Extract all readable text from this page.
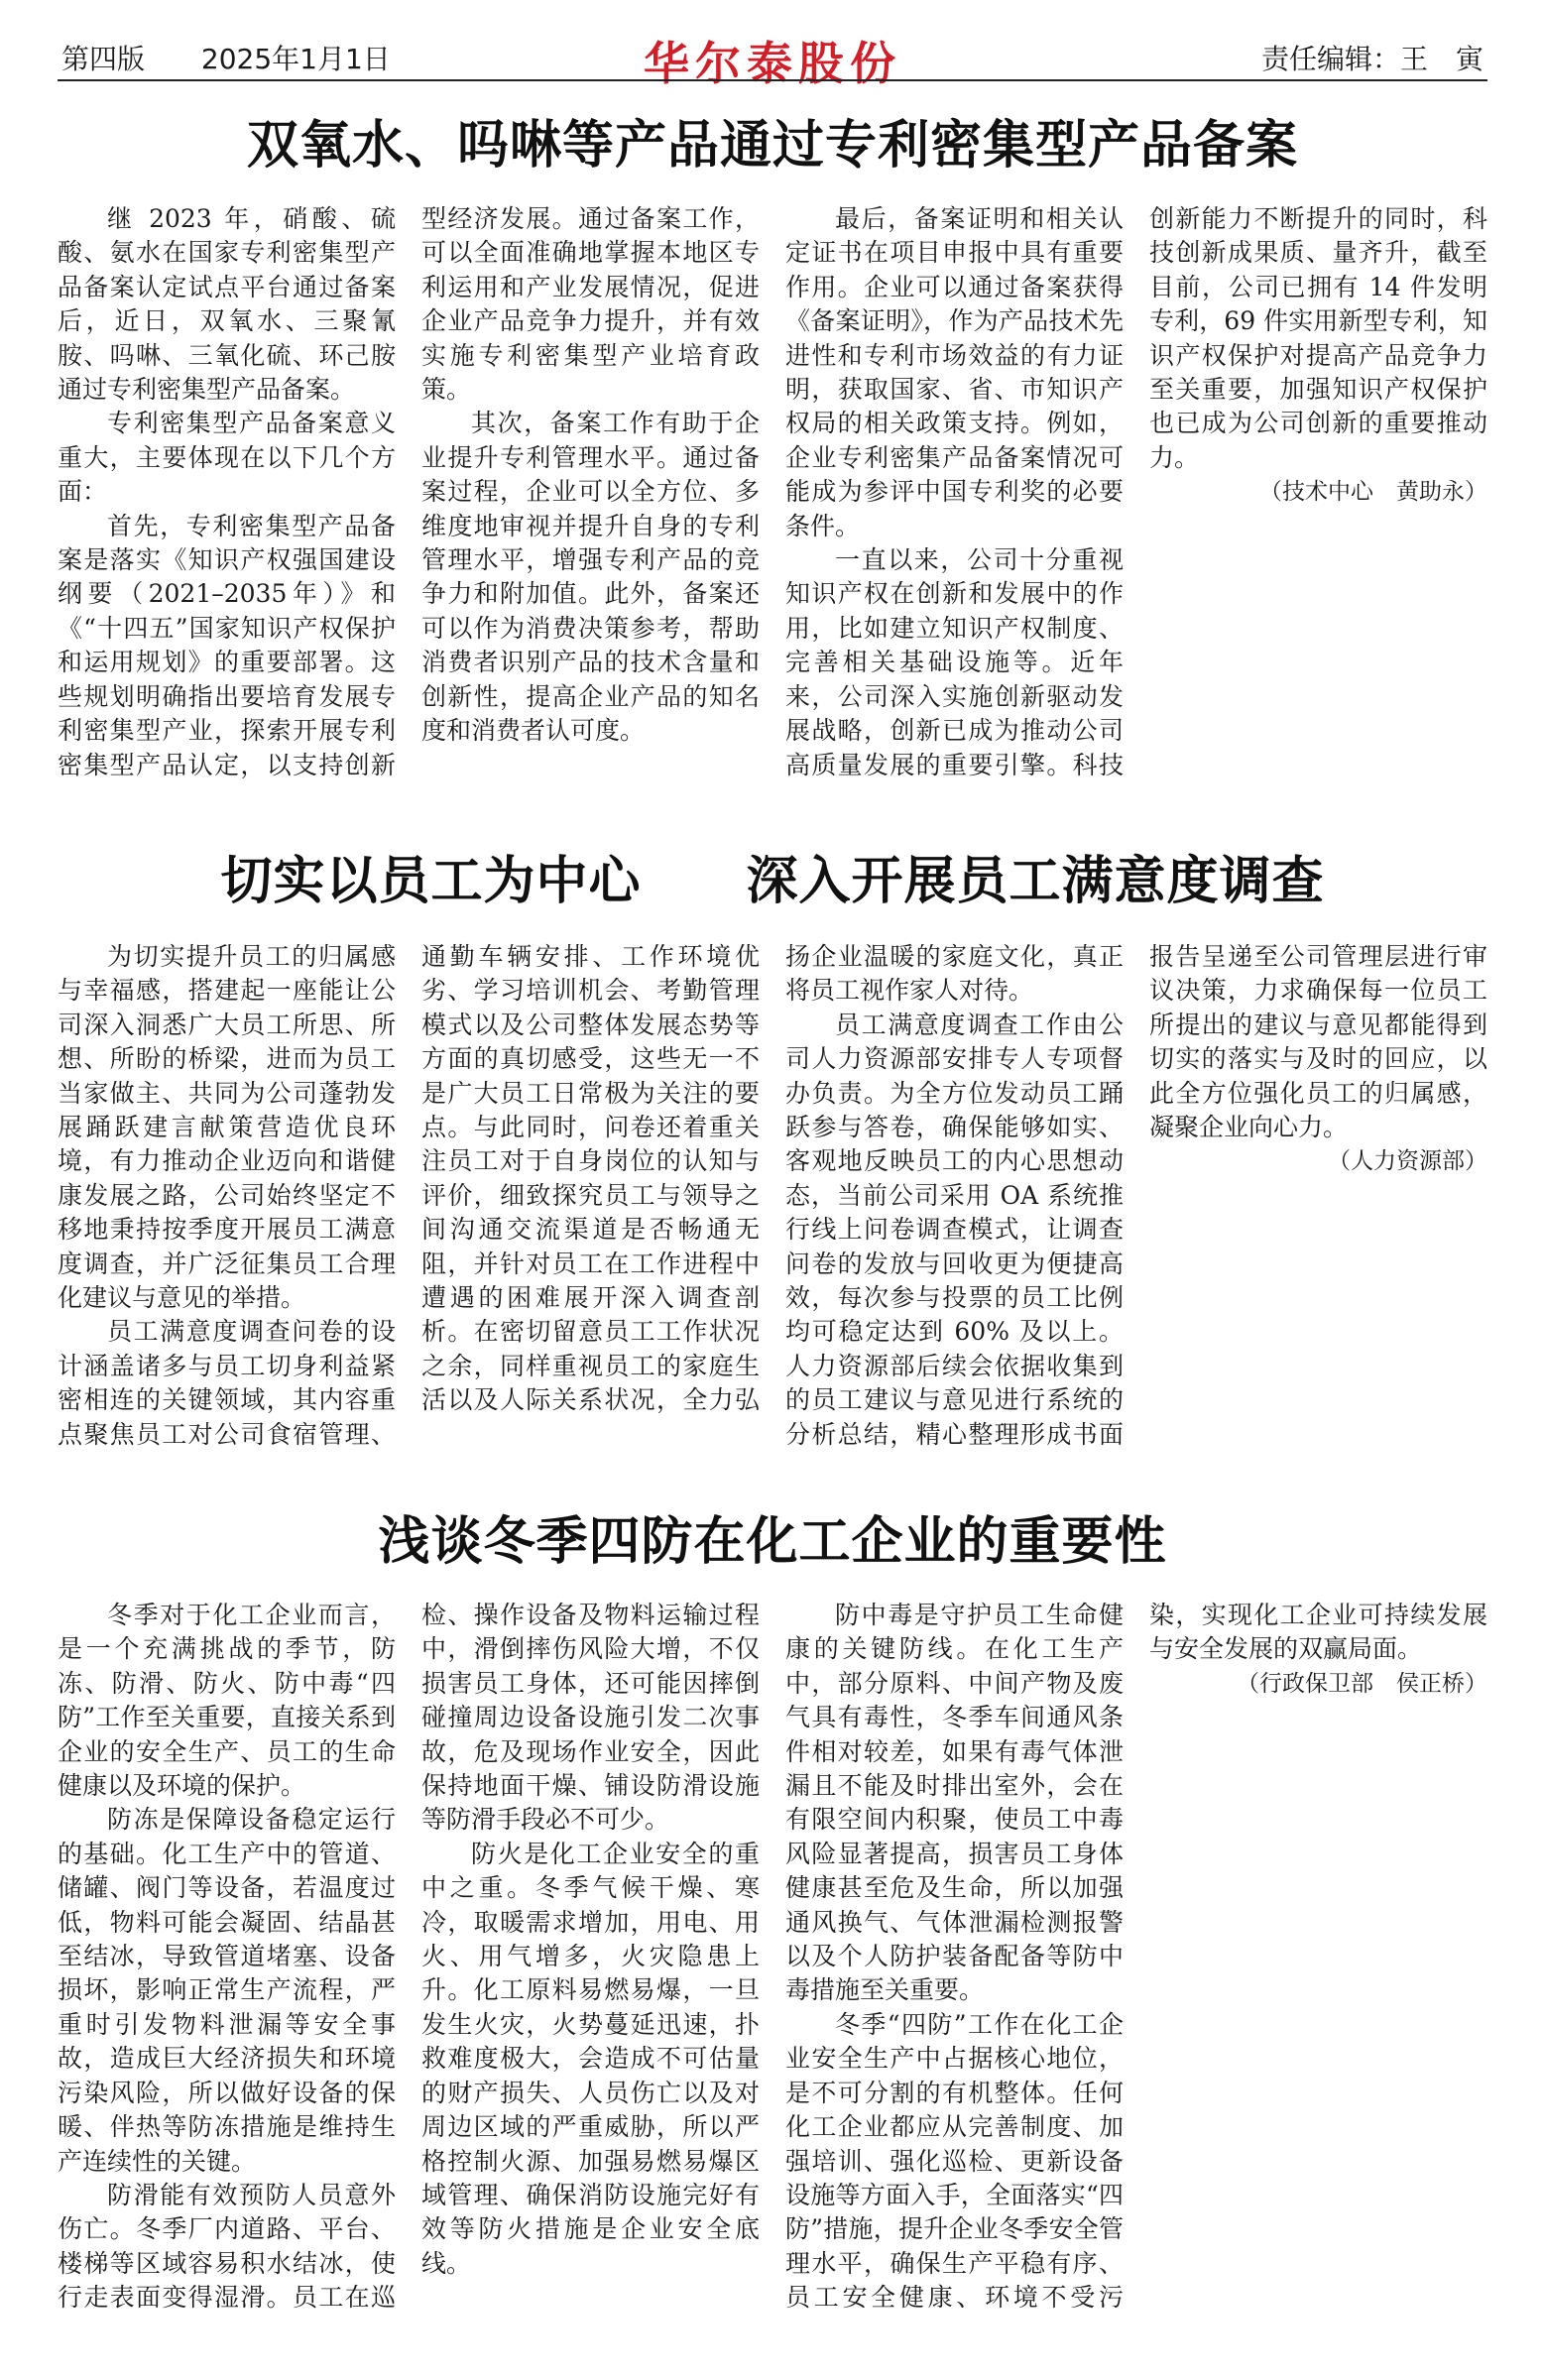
第四版 2025年1月1日	华尔泰股份	责任编辑：王　寅
双氧水、吗啉等产品通过专利密集型产品备案

继 2023 年，硝酸、硫酸、氨水在国家专利密集型产品备案认定试点平台通过备案后，近日，双氧水、三聚氰胺、吗啉、三氧化硫、环己胺通过专利密集型产品备案。

专利密集型产品备案意义重大，主要体现在以下几个方面：

首先，专利密集型产品备案是落实《知识产权强国建设纲要（2021–2035年）》和《“十四五”国家知识产权保护和运用规划》的重要部署。这些规划明确指出要培育发展专利密集型产业，探索开展专利密集型产品认定，以支持创新型经济发展。通过备案工作，可以全面准确地掌握本地区专利运用和产业发展情况，促进企业产品竞争力提升，并有效实施专利密集型产业培育政策。

其次，备案工作有助于企业提升专利管理水平。通过备案过程，企业可以全方位、多维度地审视并提升自身的专利管理水平，增强专利产品的竞争力和附加值。此外，备案还可以作为消费决策参考，帮助消费者识别产品的技术含量和创新性，提高企业产品的知名度和消费者认可度。

最后，备案证明和相关认定证书在项目申报中具有重要作用。企业可以通过备案获得《备案证明》，作为产品技术先进性和专利市场效益的有力证明，获取国家、省、市知识产权局的相关政策支持。例如，企业专利密集产品备案情况可能成为参评中国专利奖的必要条件。

一直以来，公司十分重视知识产权在创新和发展中的作用，比如建立知识产权制度、完善相关基础设施等。近年来，公司深入实施创新驱动发展战略，创新已成为推动公司高质量发展的重要引擎。科技创新能力不断提升的同时，科技创新成果质、量齐升，截至目前，公司已拥有 14 件发明专利，69 件实用新型专利，知识产权保护对提高产品竞争力至关重要，加强知识产权保护也已成为公司创新的重要推动力。

（技术中心　黄助永）

切实以员工为中心　　深入开展员工满意度调查

为切实提升员工的归属感与幸福感，搭建起一座能让公司深入洞悉广大员工所思、所想、所盼的桥梁，进而为员工当家做主、共同为公司蓬勃发展踊跃建言献策营造优良环境，有力推动企业迈向和谐健康发展之路，公司始终坚定不移地秉持按季度开展员工满意度调查，并广泛征集员工合理化建议与意见的举措。

员工满意度调查问卷的设计涵盖诸多与员工切身利益紧密相连的关键领域，其内容重点聚焦员工对公司食宿管理、通勤车辆安排、工作环境优劣、学习培训机会、考勤管理模式以及公司整体发展态势等方面的真切感受，这些无一不是广大员工日常极为关注的要点。与此同时，问卷还着重关注员工对于自身岗位的认知与评价，细致探究员工与领导之间沟通交流渠道是否畅通无阻，并针对员工在工作进程中遭遇的困难展开深入调查剖析。在密切留意员工工作状况之余，同样重视员工的家庭生活以及人际关系状况，全力弘扬企业温暖的家庭文化，真正将员工视作家人对待。

员工满意度调查工作由公司人力资源部安排专人专项督办负责。为全方位发动员工踊跃参与答卷，确保能够如实、客观地反映员工的内心思想动态，当前公司采用 OA 系统推行线上问卷调查模式，让调查问卷的发放与回收更为便捷高效，每次参与投票的员工比例均可稳定达到 60% 及以上。人力资源部后续会依据收集到的员工建议与意见进行系统的分析总结，精心整理形成书面报告呈递至公司管理层进行审议决策，力求确保每一位员工所提出的建议与意见都能得到切实的落实与及时的回应，以此全方位强化员工的归属感，凝聚企业向心力。

（人力资源部）

浅谈冬季四防在化工企业的重要性

冬季对于化工企业而言，是一个充满挑战的季节，防冻、防滑、防火、防中毒“四防”工作至关重要，直接关系到企业的安全生产、员工的生命健康以及环境的保护。

防冻是保障设备稳定运行的基础。化工生产中的管道、储罐、阀门等设备，若温度过低，物料可能会凝固、结晶甚至结冰，导致管道堵塞、设备损坏，影响正常生产流程，严重时引发物料泄漏等安全事故，造成巨大经济损失和环境污染风险，所以做好设备的保暖、伴热等防冻措施是维持生产连续性的关键。

防滑能有效预防人员意外伤亡。冬季厂内道路、平台、楼梯等区域容易积水结冰，使行走表面变得湿滑。员工在巡检、操作设备及物料运输过程中，滑倒摔伤风险大增，不仅损害员工身体，还可能因摔倒碰撞周边设备设施引发二次事故，危及现场作业安全，因此保持地面干燥、铺设防滑设施等防滑手段必不可少。

防火是化工企业安全的重中之重。冬季气候干燥、寒冷，取暖需求增加，用电、用火、用气增多，火灾隐患上升。化工原料易燃易爆，一旦发生火灾，火势蔓延迅速，扑救难度极大，会造成不可估量的财产损失、人员伤亡以及对周边区域的严重威胁，所以严格控制火源、加强易燃易爆区域管理、确保消防设施完好有效等防火措施是企业安全底线。

防中毒是守护员工生命健康的关键防线。在化工生产中，部分原料、中间产物及废气具有毒性，冬季车间通风条件相对较差，如果有毒气体泄漏且不能及时排出室外，会在有限空间内积聚，使员工中毒风险显著提高，损害员工身体健康甚至危及生命，所以加强通风换气、气体泄漏检测报警以及个人防护装备配备等防中毒措施至关重要。

冬季“四防”工作在化工企业安全生产中占据核心地位，是不可分割的有机整体。任何化工企业都应从完善制度、加强培训、强化巡检、更新设备设施等方面入手，全面落实“四防”措施，提升企业冬季安全管理水平，确保生产平稳有序、员工安全健康、环境不受污染，实现化工企业可持续发展与安全发展的双赢局面。

（行政保卫部　侯正桥）
